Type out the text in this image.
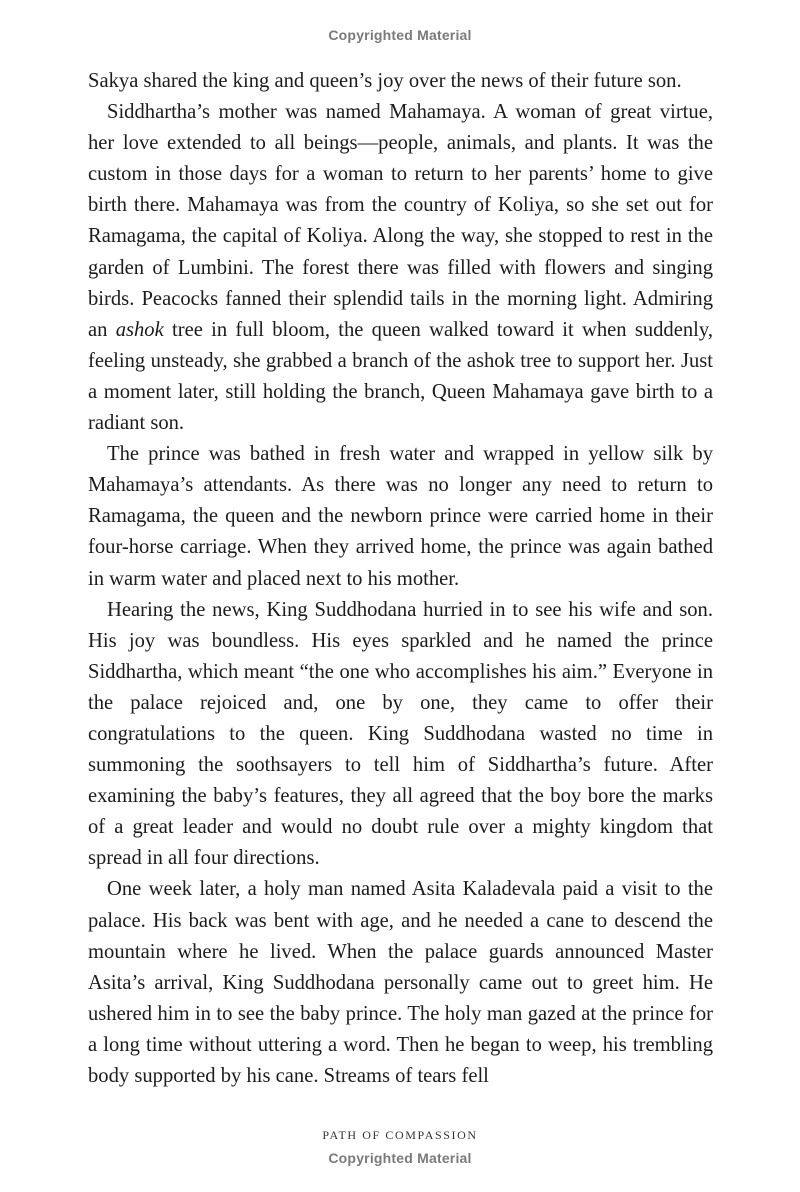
Copyrighted Material

Sakya shared the king and queen’s joy over the news of their future son.

Siddhartha’s mother was named Mahamaya. A woman of great virtue, her love extended to all beings—people, animals, and plants. It was the custom in those days for a woman to return to her parents’ home to give birth there. Mahamaya was from the country of Koliya, so she set out for Ramagama, the capital of Koliya. Along the way, she stopped to rest in the garden of Lumbini. The forest there was filled with flowers and singing birds. Peacocks fanned their splendid tails in the morning light. Admiring an ashok tree in full bloom, the queen walked toward it when suddenly, feeling unsteady, she grabbed a branch of the ashok tree to support her. Just a moment later, still holding the branch, Queen Mahamaya gave birth to a radiant son.

The prince was bathed in fresh water and wrapped in yellow silk by Mahamaya’s attendants. As there was no longer any need to return to Ramagama, the queen and the newborn prince were carried home in their four-horse carriage. When they arrived home, the prince was again bathed in warm water and placed next to his mother.

Hearing the news, King Suddhodana hurried in to see his wife and son. His joy was boundless. His eyes sparkled and he named the prince Siddhartha, which meant “the one who accomplishes his aim.” Everyone in the palace rejoiced and, one by one, they came to offer their congratulations to the queen. King Suddhodana wasted no time in summoning the soothsayers to tell him of Siddhartha’s future. After examining the baby’s features, they all agreed that the boy bore the marks of a great leader and would no doubt rule over a mighty kingdom that spread in all four directions.

One week later, a holy man named Asita Kaladevala paid a visit to the palace. His back was bent with age, and he needed a cane to descend the mountain where he lived. When the palace guards announced Master Asita’s arrival, King Suddhodana personally came out to greet him. He ushered him in to see the baby prince. The holy man gazed at the prince for a long time without uttering a word. Then he began to weep, his trembling body supported by his cane. Streams of tears fell

PATH OF COMPASSION
Copyrighted Material
